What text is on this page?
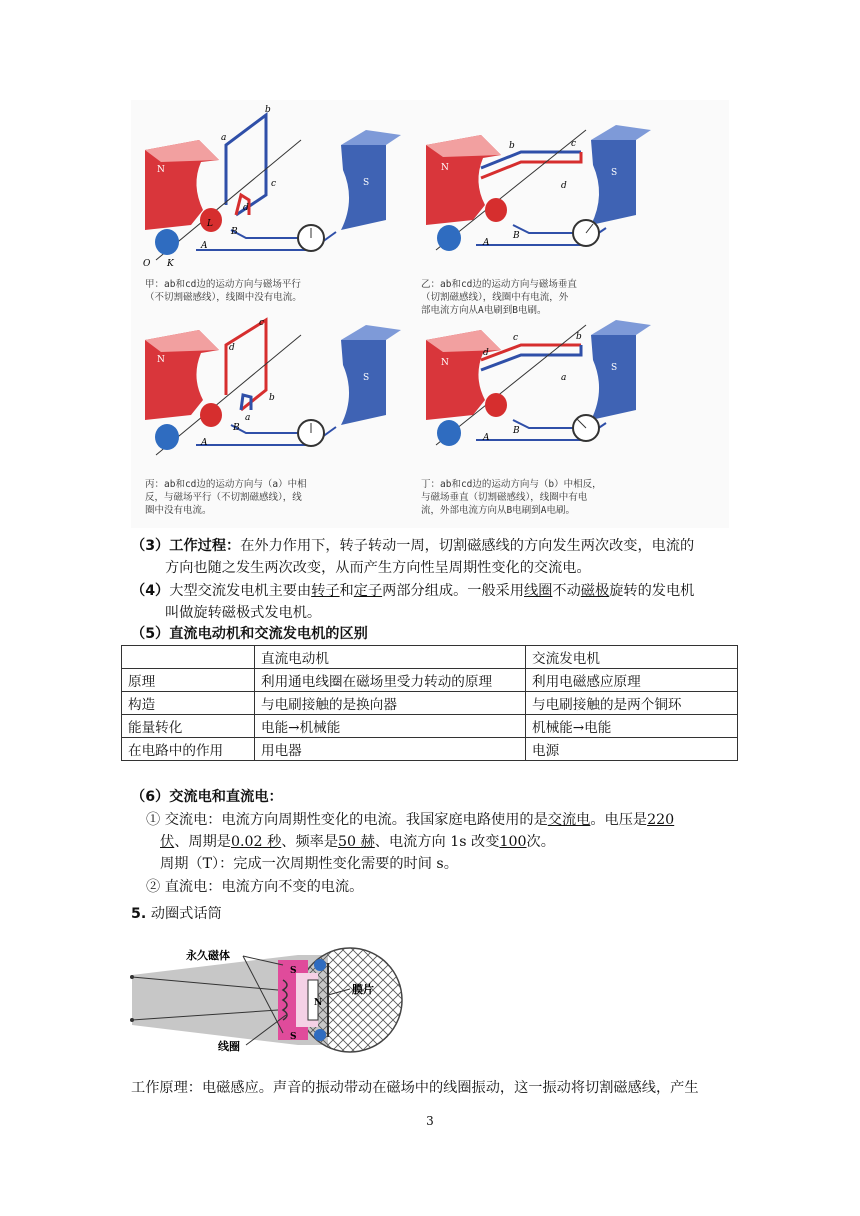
N
S
b
a
c
d
L
B
A
O K
甲：ab和cd边的运动方向与磁场平行
（不切割磁感线），线圈中没有电流。
N	S
b	c
d
B
A
乙：ab和cd边的运动方向与磁场垂直
（切割磁感线），线圈中有电流，外
部电流方向从A电刷到B电刷。
N
S
c
d
b
a
B
A
丙：ab和cd边的运动方向与（a）中相
反，与磁场平行（不切割磁感线），线
圈中没有电流。
N	S
c	b
d
a
B
A
丁：ab和cd边的运动方向与（b）中相反，
与磁场垂直（切割磁感线），线圈中有电
流，外部电流方向从B电刷到A电刷。
（3）工作过程：在外力作用下，转子转动一周，切割磁感线的方向发生两次改变，电流的
方向也随之发生两次改变，从而产生方向性呈周期性变化的交流电。
（4）大型交流发电机主要由转子和定子两部分组成。一般采用线圈不动磁极旋转的发电机
叫做旋转磁极式发电机。
（5）直流电动机和交流发电机的区别
	直流电动机	交流发电机
原理	利用通电线圈在磁场里受力转动的原理	利用电磁感应原理
构造	与电刷接触的是换向器	与电刷接触的是两个铜环
能量转化	电能→机械能	机械能→电能
在电路中的作用	用电器	电源
（6）交流电和直流电：
① 交流电：电流方向周期性变化的电流。我国家庭电路使用的是交流电。电压是220
伏、周期是0.02 秒、频率是50 赫、电流方向 1s 改变100次。
周期（T）：完成一次周期性变化需要的时间 s。
② 直流电：电流方向不变的电流。
5. 动圈式话筒
S
S
N
永久磁体
膜片
线圈
工作原理：电磁感应。声音的振动带动在磁场中的线圈振动，这一振动将切割磁感线，产生
3
